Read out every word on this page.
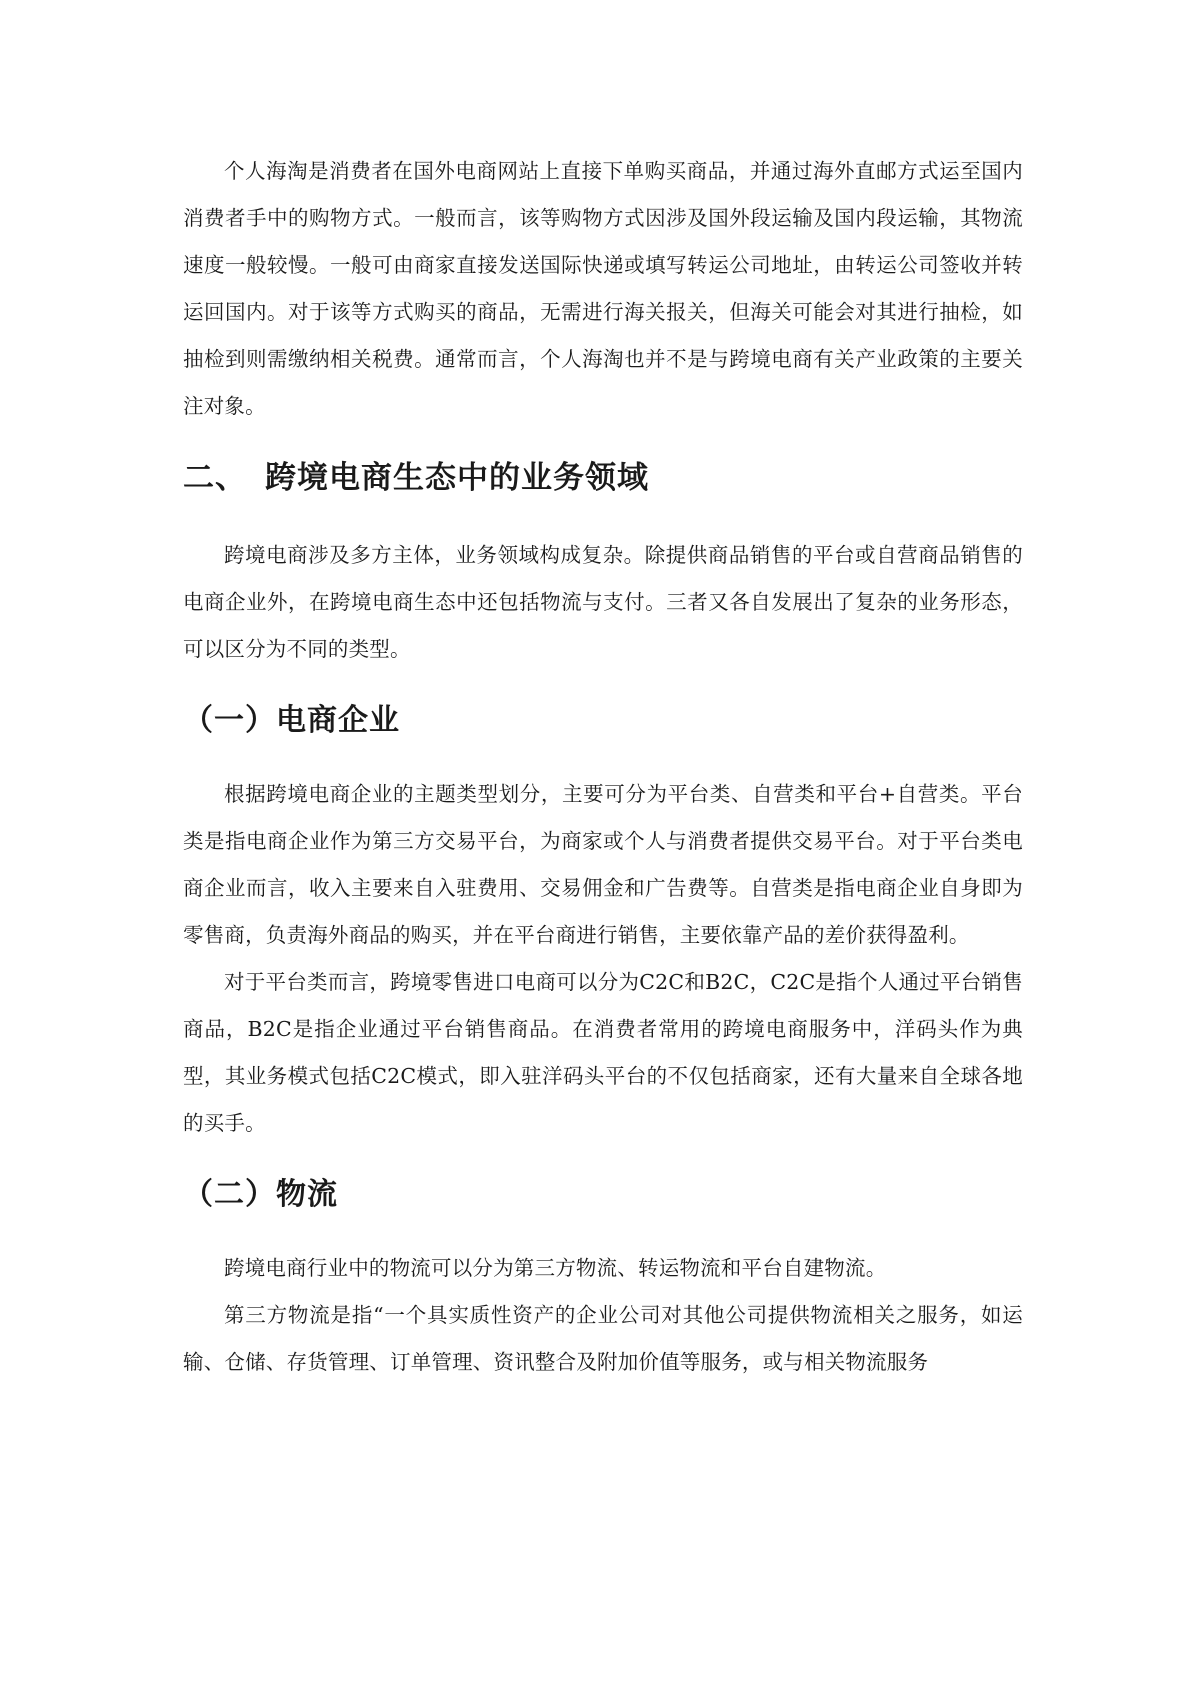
个人海淘是消费者在国外电商网站上直接下单购买商品，并通过海外直邮方式运至国内消费者手中的购物方式。一般而言，该等购物方式因涉及国外段运输及国内段运输，其物流速度一般较慢。一般可由商家直接发送国际快递或填写转运公司地址，由转运公司签收并转运回国内。对于该等方式购买的商品，无需进行海关报关，但海关可能会对其进行抽检，如抽检到则需缴纳相关税费。通常而言，个人海淘也并不是与跨境电商有关产业政策的主要关注对象。

二、 跨境电商生态中的业务领域

跨境电商涉及多方主体，业务领域构成复杂。除提供商品销售的平台或自营商品销售的电商企业外，在跨境电商生态中还包括物流与支付。三者又各自发展出了复杂的业务形态，可以区分为不同的类型。

（一）电商企业

根据跨境电商企业的主题类型划分，主要可分为平台类、自营类和平台+自营类。平台类是指电商企业作为第三方交易平台，为商家或个人与消费者提供交易平台。对于平台类电商企业而言，收入主要来自入驻费用、交易佣金和广告费等。自营类是指电商企业自身即为零售商，负责海外商品的购买，并在平台商进行销售，主要依靠产品的差价获得盈利。

对于平台类而言，跨境零售进口电商可以分为C2C和B2C，C2C是指个人通过平台销售商品，B2C是指企业通过平台销售商品。在消费者常用的跨境电商服务中，洋码头作为典型，其业务模式包括C2C模式，即入驻洋码头平台的不仅包括商家，还有大量来自全球各地的买手。

（二）物流

跨境电商行业中的物流可以分为第三方物流、转运物流和平台自建物流。

第三方物流是指“一个具实质性资产的企业公司对其他公司提供物流相关之服务，如运输、仓储、存货管理、订单管理、资讯整合及附加价值等服务，或与相关物流服务
